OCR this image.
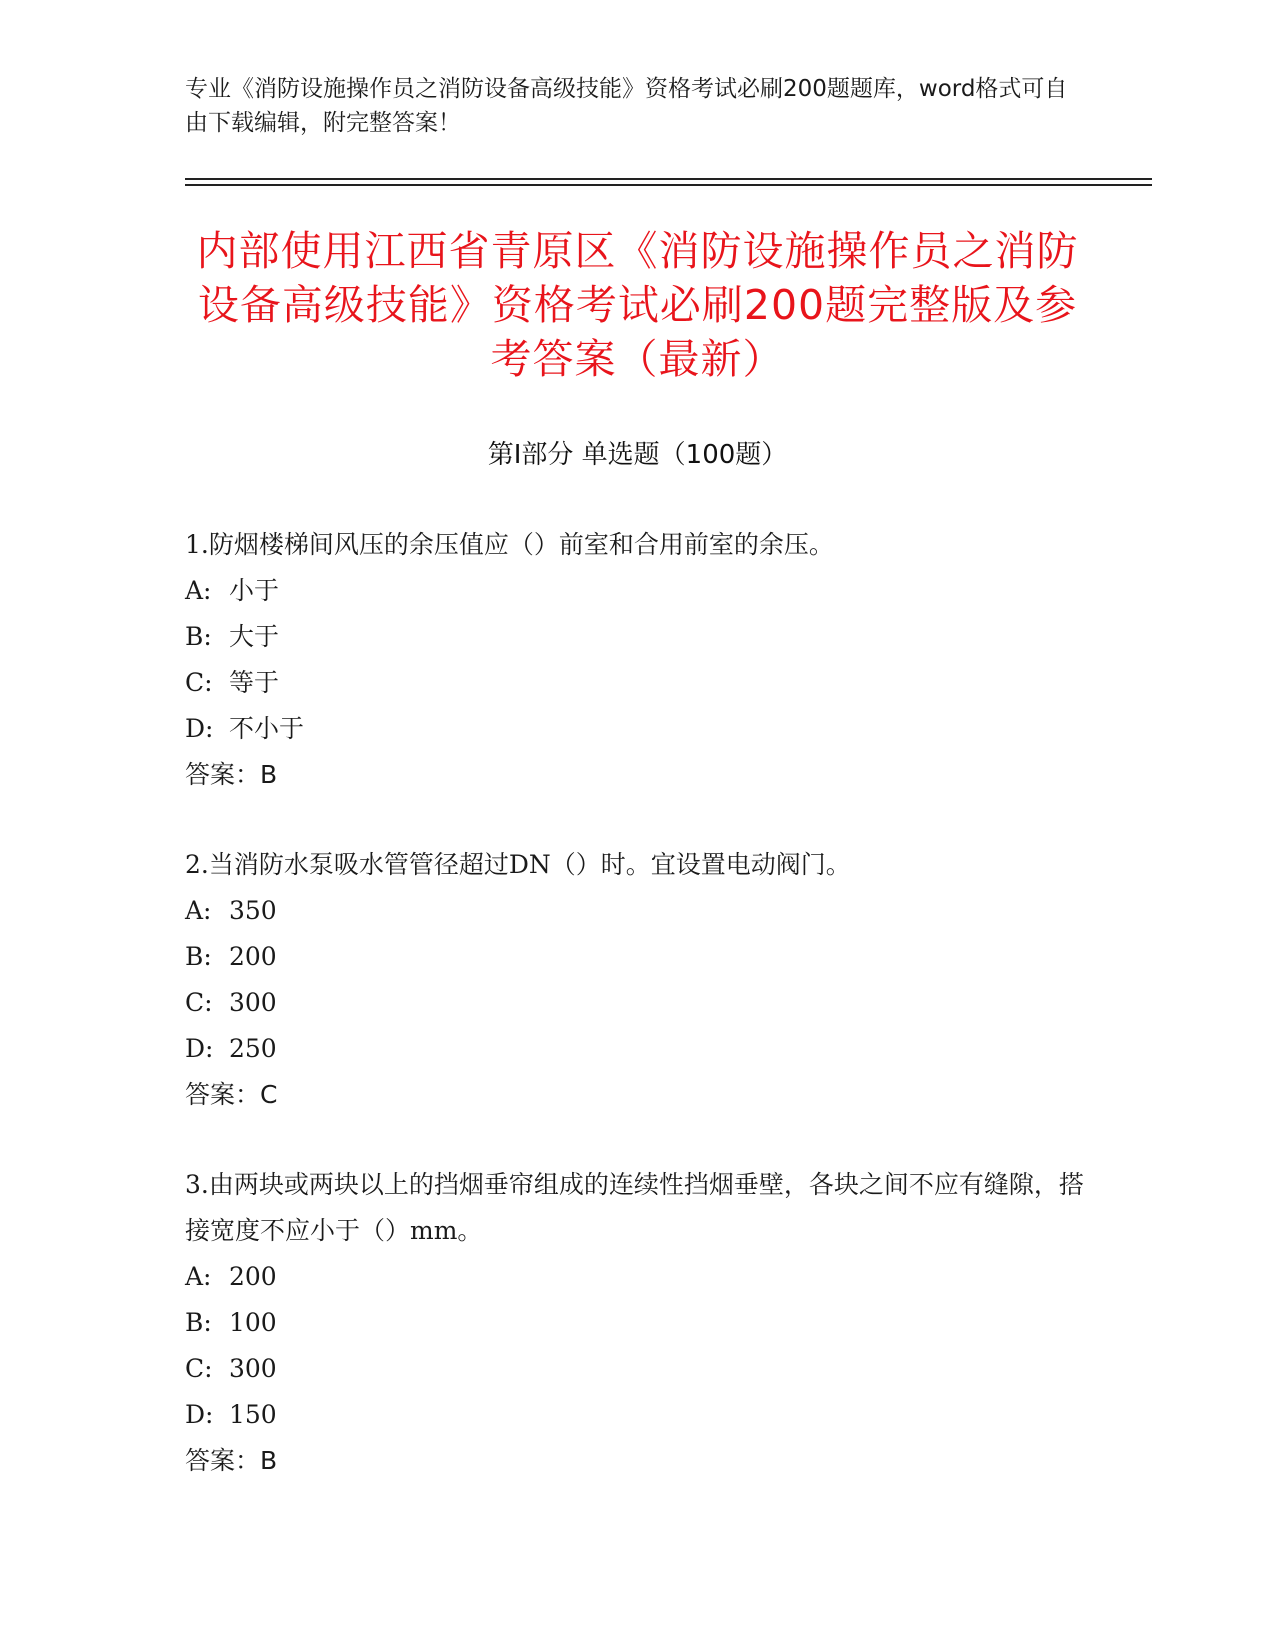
专业《消防设施操作员之消防设备高级技能》资格考试必刷200题题库，word格式可自由下载编辑，附完整答案！
内部使用江西省青原区《消防设施操作员之消防设备高级技能》资格考试必刷200题完整版及参考答案（最新）
第Ⅰ部分 单选题（100题）
1.防烟楼梯间风压的余压值应（）前室和合用前室的余压。
A: 小于
B: 大于
C: 等于
D: 不小于
答案：B
2.当消防水泵吸水管管径超过DN（）时。宜设置电动阀门。
A: 350
B: 200
C: 300
D: 250
答案：C
3.由两块或两块以上的挡烟垂帘组成的连续性挡烟垂壁，各块之间不应有缝隙，搭接宽度不应小于（）mm。
A: 200
B: 100
C: 300
D: 150
答案：B
